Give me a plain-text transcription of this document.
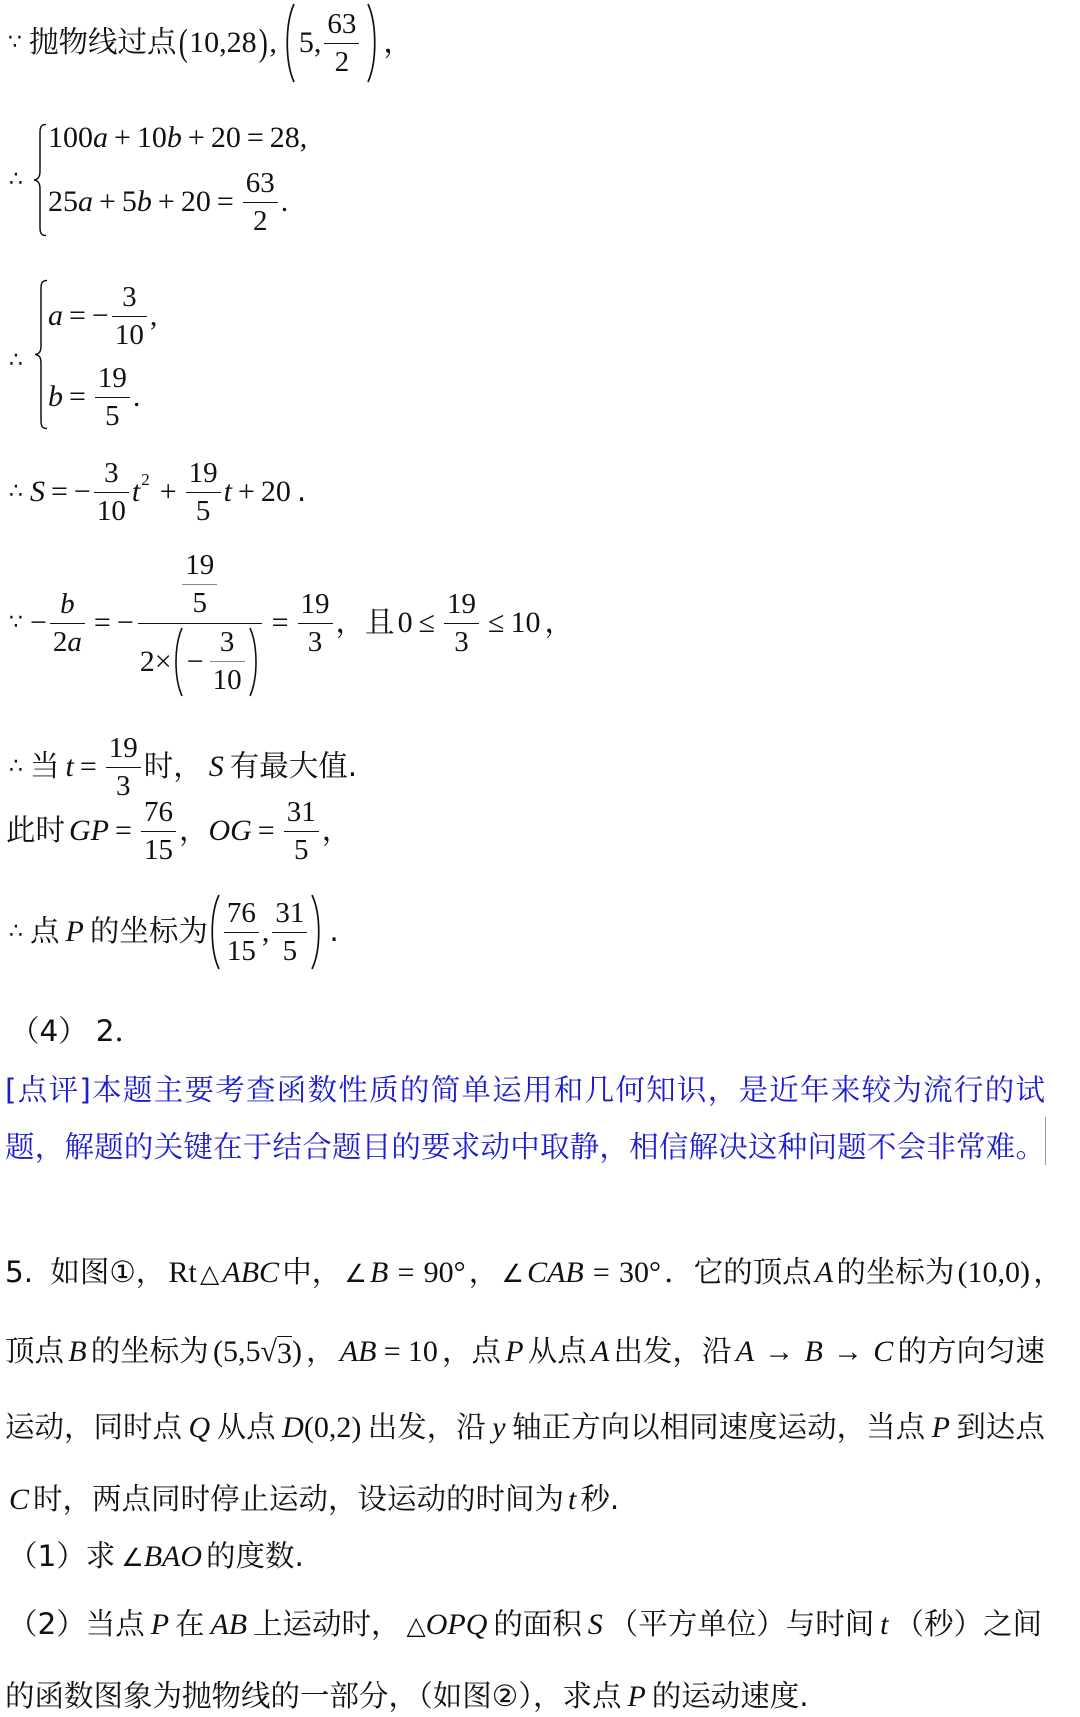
∵ 抛物线过点 ( 10,28 ) , 5, $\frac{63}{2}$ ，
∴
100 a + 10 b + 20 = 28,
25 a + 5 $b + 20 = \frac{63}{2}$ .
∴
a = − $\frac{3}{10}$ ,
$b = \frac{19}{5}$ .
∴ S = − $\frac{3}{10}$ t $2 + \frac{19}{5}$ t + 20 .
∵ − $\frac{b}{2a}$ = − $\frac{\frac{19}{5}}{2\times - \frac{3}{10}} = \frac{19}{3}$ ， 且 $0 \le \frac{19}{3} \le 10$ ，
∴ 当 $t = \frac{19}{3}$ 时， S 有最大值.
此时 GP = $\frac{76}{15}$ ， OG = $\frac{31}{5}$ ，
∴ 点 P 的坐标为 $\frac{76}{15}$ , $\frac{31}{5}$ .
（4） 2．
[点评]本题主要考查函数性质的简单运用和几何知识，是近年来较为流行的试
题，解题的关键在于结合题目的要求动中取静，相信解决这种问题不会非常难。
5. 如图①， Rt △ ABC 中， ∠ B = 90° ， ∠ CAB = 30° ．它的顶点 A 的坐标为 (10,0) ，
顶点 B 的坐标为 (5,5 √ 3 ) ， AB = 10 ，点 P 从点 A 出发，沿 A → B → C 的方向匀速
运动，同时点 Q 从点 D (0,2) 出发，沿 y 轴正方向以相同速度运动，当点 P 到达点
C 时，两点同时停止运动，设运动的时间为 t 秒.
（1）求 ∠ BAO 的度数.
（2）当点 P 在 AB 上运动时， △ OPQ 的面积 S （平方单位）与时间 t （秒）之间
的函数图象为抛物线的一部分，（如图②），求点 P 的运动速度.
